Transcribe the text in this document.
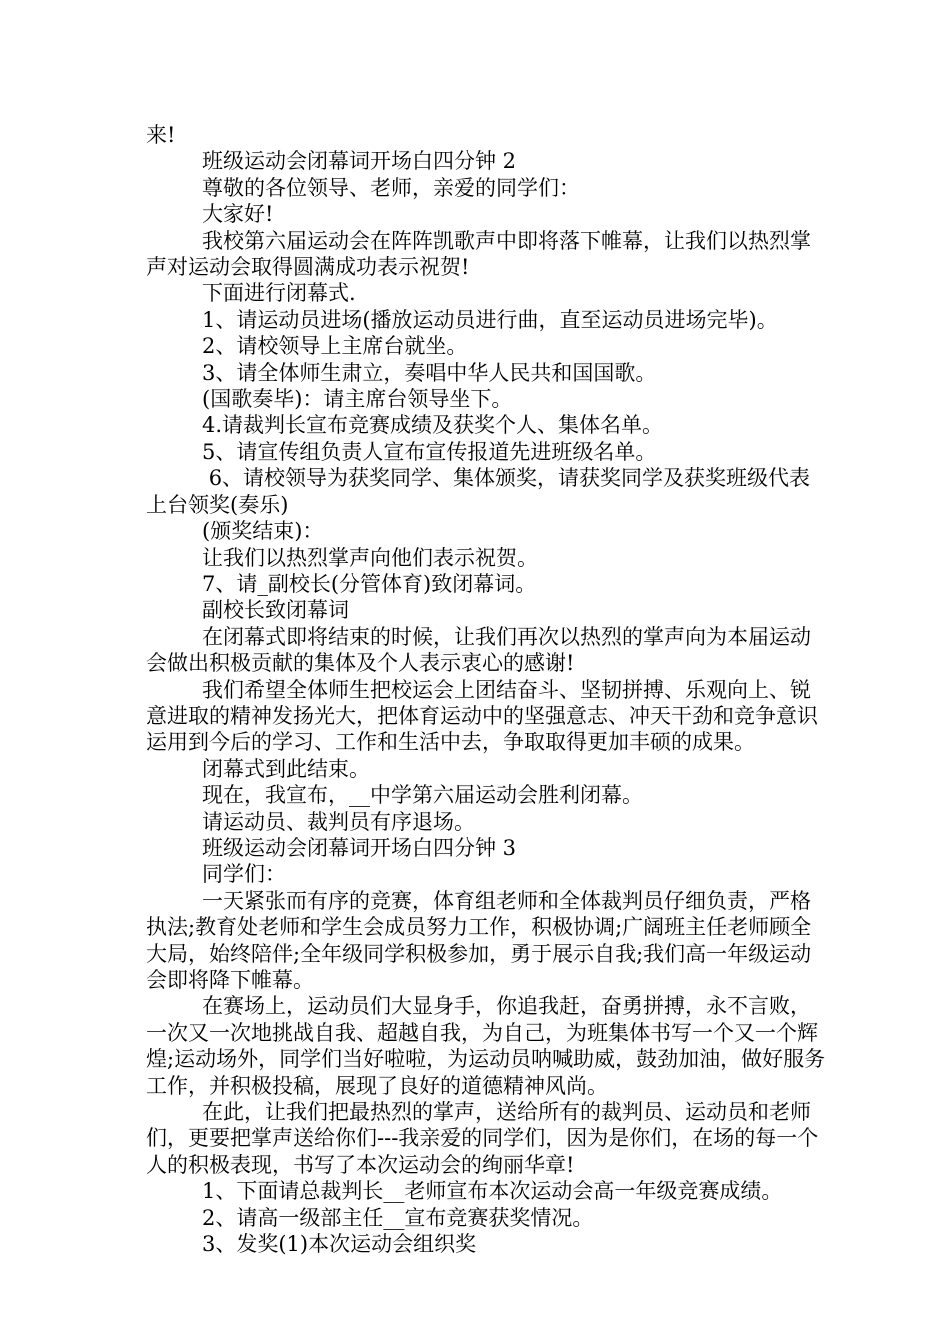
来!

班级运动会闭幕词开场白四分钟 2

尊敬的各位领导、老师，亲爱的同学们：

大家好!

我校第六届运动会在阵阵凯歌声中即将落下帷幕，让我们以热烈掌声对运动会取得圆满成功表示祝贺!

下面进行闭幕式.

1、请运动员进场(播放运动员进行曲，直至运动员进场完毕)。

2、请校领导上主席台就坐。

3、请全体师生肃立，奏唱中华人民共和国国歌。

(国歌奏毕)：请主席台领导坐下。

4.请裁判长宣布竞赛成绩及获奖个人、集体名单。

5、请宣传组负责人宣布宣传报道先进班级名单。

6、请校领导为获奖同学、集体颁奖，请获奖同学及获奖班级代表上台领奖(奏乐)

(颁奖结束)：

让我们以热烈掌声向他们表示祝贺。

7、请_副校长(分管体育)致闭幕词。

副校长致闭幕词

在闭幕式即将结束的时候，让我们再次以热烈的掌声向为本届运动会做出积极贡献的集体及个人表示衷心的感谢!

我们希望全体师生把校运会上团结奋斗、坚韧拼搏、乐观向上、锐意进取的精神发扬光大，把体育运动中的坚强意志、冲天干劲和竞争意识运用到今后的学习、工作和生活中去，争取取得更加丰硕的成果。

闭幕式到此结束。

现在，我宣布，__中学第六届运动会胜利闭幕。

请运动员、裁判员有序退场。

班级运动会闭幕词开场白四分钟 3

同学们：

一天紧张而有序的竞赛，体育组老师和全体裁判员仔细负责，严格执法;教育处老师和学生会成员努力工作，积极协调;广阔班主任老师顾全大局，始终陪伴;全年级同学积极参加，勇于展示自我;我们高一年级运动会即将降下帷幕。

在赛场上，运动员们大显身手，你追我赶，奋勇拼搏，永不言败，一次又一次地挑战自我、超越自我，为自己，为班集体书写一个又一个辉煌;运动场外，同学们当好啦啦，为运动员呐喊助威，鼓劲加油，做好服务工作，并积极投稿，展现了良好的道德精神风尚。

在此，让我们把最热烈的掌声，送给所有的裁判员、运动员和老师们，更要把掌声送给你们---我亲爱的同学们，因为是你们，在场的每一个人的积极表现，书写了本次运动会的绚丽华章!

1、下面请总裁判长__老师宣布本次运动会高一年级竞赛成绩。

2、请高一级部主任__宣布竞赛获奖情况。

3、发奖(1)本次运动会组织奖
